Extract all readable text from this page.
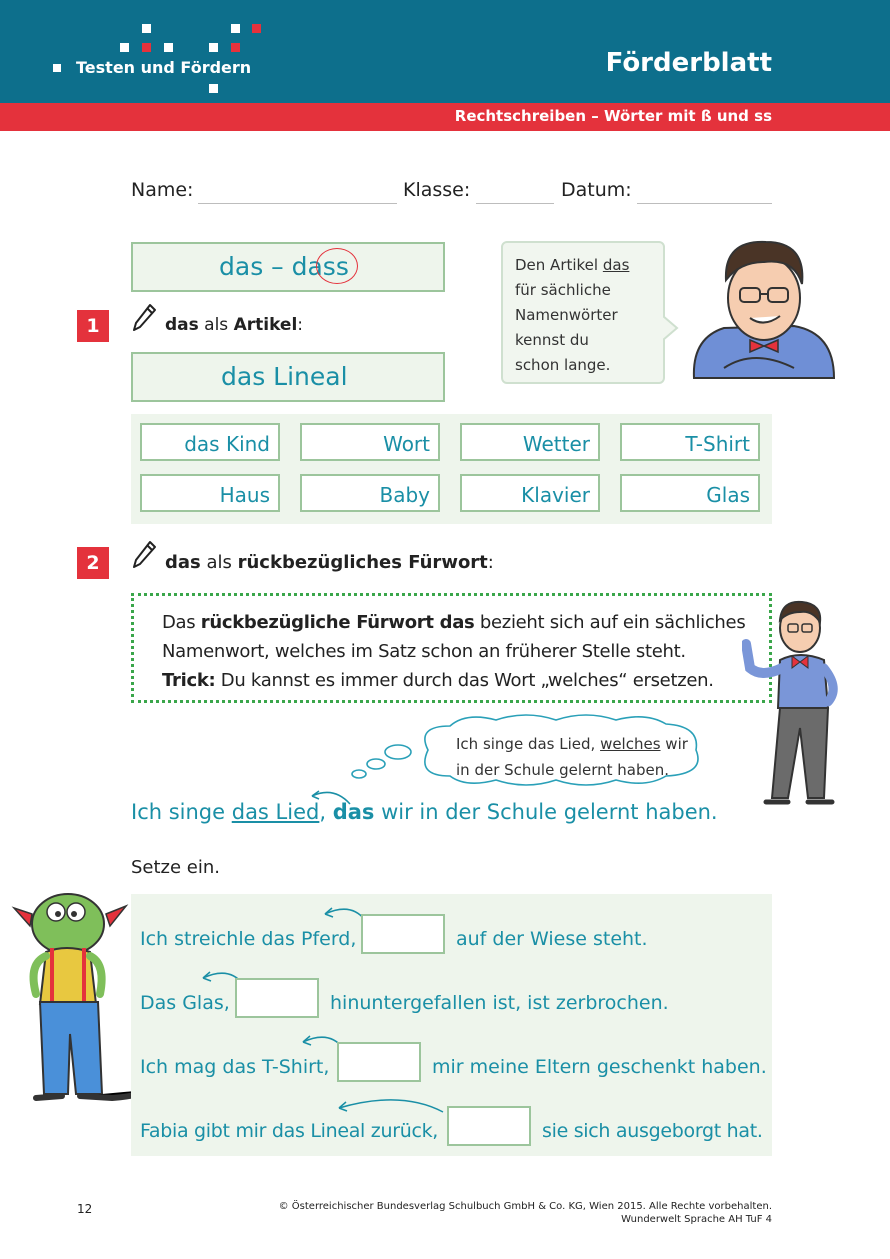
Testen und Fördern	Förderblatt
Rechtschreiben – Wörter mit ß und ss
Name:	Klasse:	Datum:
das – dass
1	das als Artikel:
das Lineal
Den Artikel das
für sächliche
Namenwörter
kennst du
schon lange.
das Kind	Wort	Wetter	T-Shirt
Haus	Baby	Klavier	Glas
2	das als rückbezügliches Fürwort:
Das rückbezügliche Fürwort das bezieht sich auf ein sächliches
Namenwort, welches im Satz schon an früherer Stelle steht.
Trick: Du kannst es immer durch das Wort „welches“ ersetzen.
Ich singe das Lied, welches wir
in der Schule gelernt haben.
Ich singe das Lied, das wir in der Schule gelernt haben.
Setze ein.
Ich streichle das Pferd,	auf der Wiese steht.
Das Glas,	hinuntergefallen ist, ist zerbrochen.
Ich mag das T-Shirt,	mir meine Eltern geschenkt haben.
Fabia gibt mir das Lineal zurück,	sie sich ausgeborgt hat.
12	© Österreichischer Bundesverlag Schulbuch GmbH & Co. KG, Wien 2015. Alle Rechte vorbehalten.
Wunderwelt Sprache AH TuF 4
